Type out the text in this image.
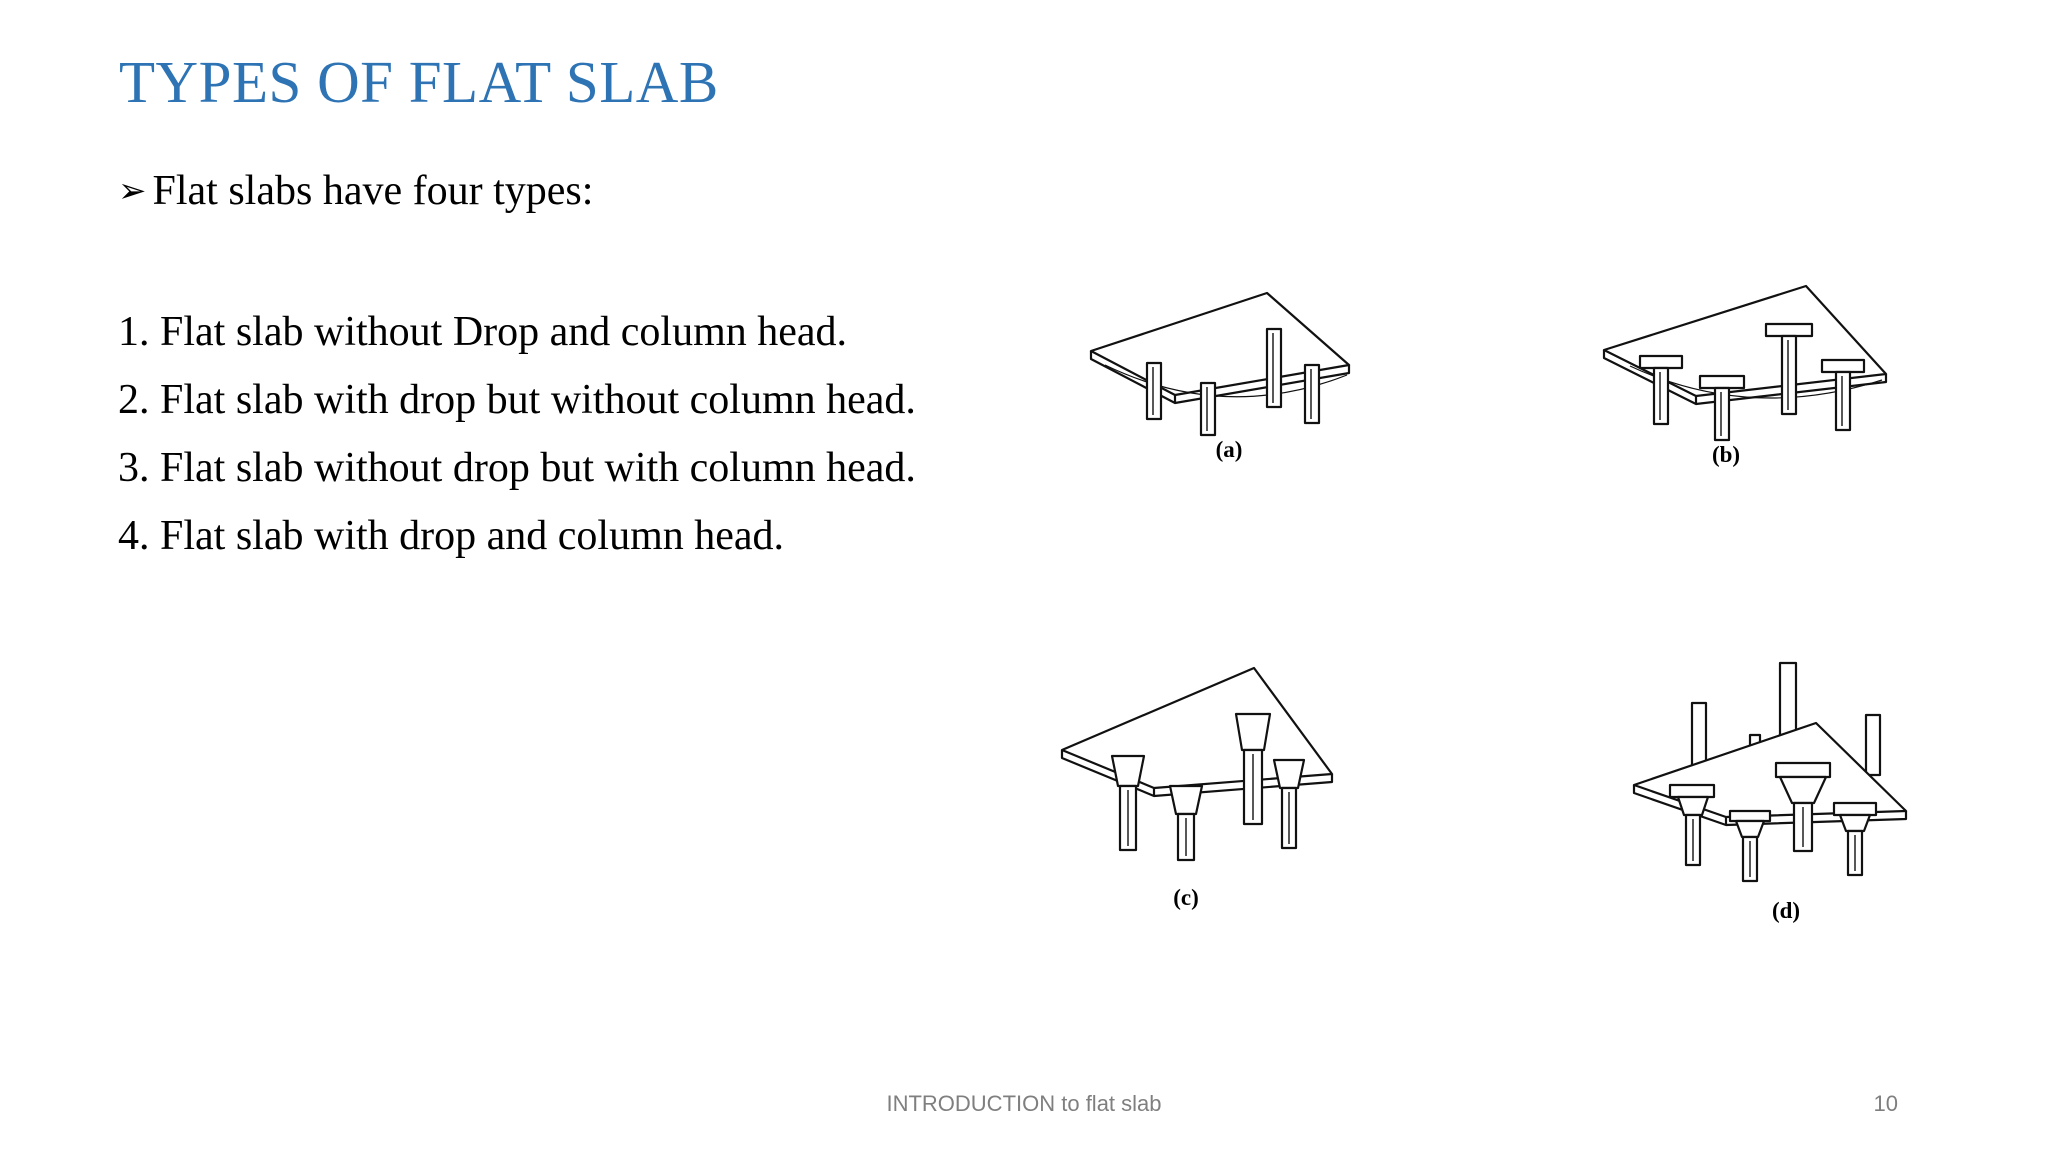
TYPES OF FLAT SLAB
➢ Flat slabs have four types:
1. Flat slab without Drop and column head.
2. Flat slab with drop but without column head.
3. Flat slab without drop but with column head.
4. Flat slab with drop and column head.
(a)	(b)
(c)
(d)
INTRODUCTION to flat slab	10
